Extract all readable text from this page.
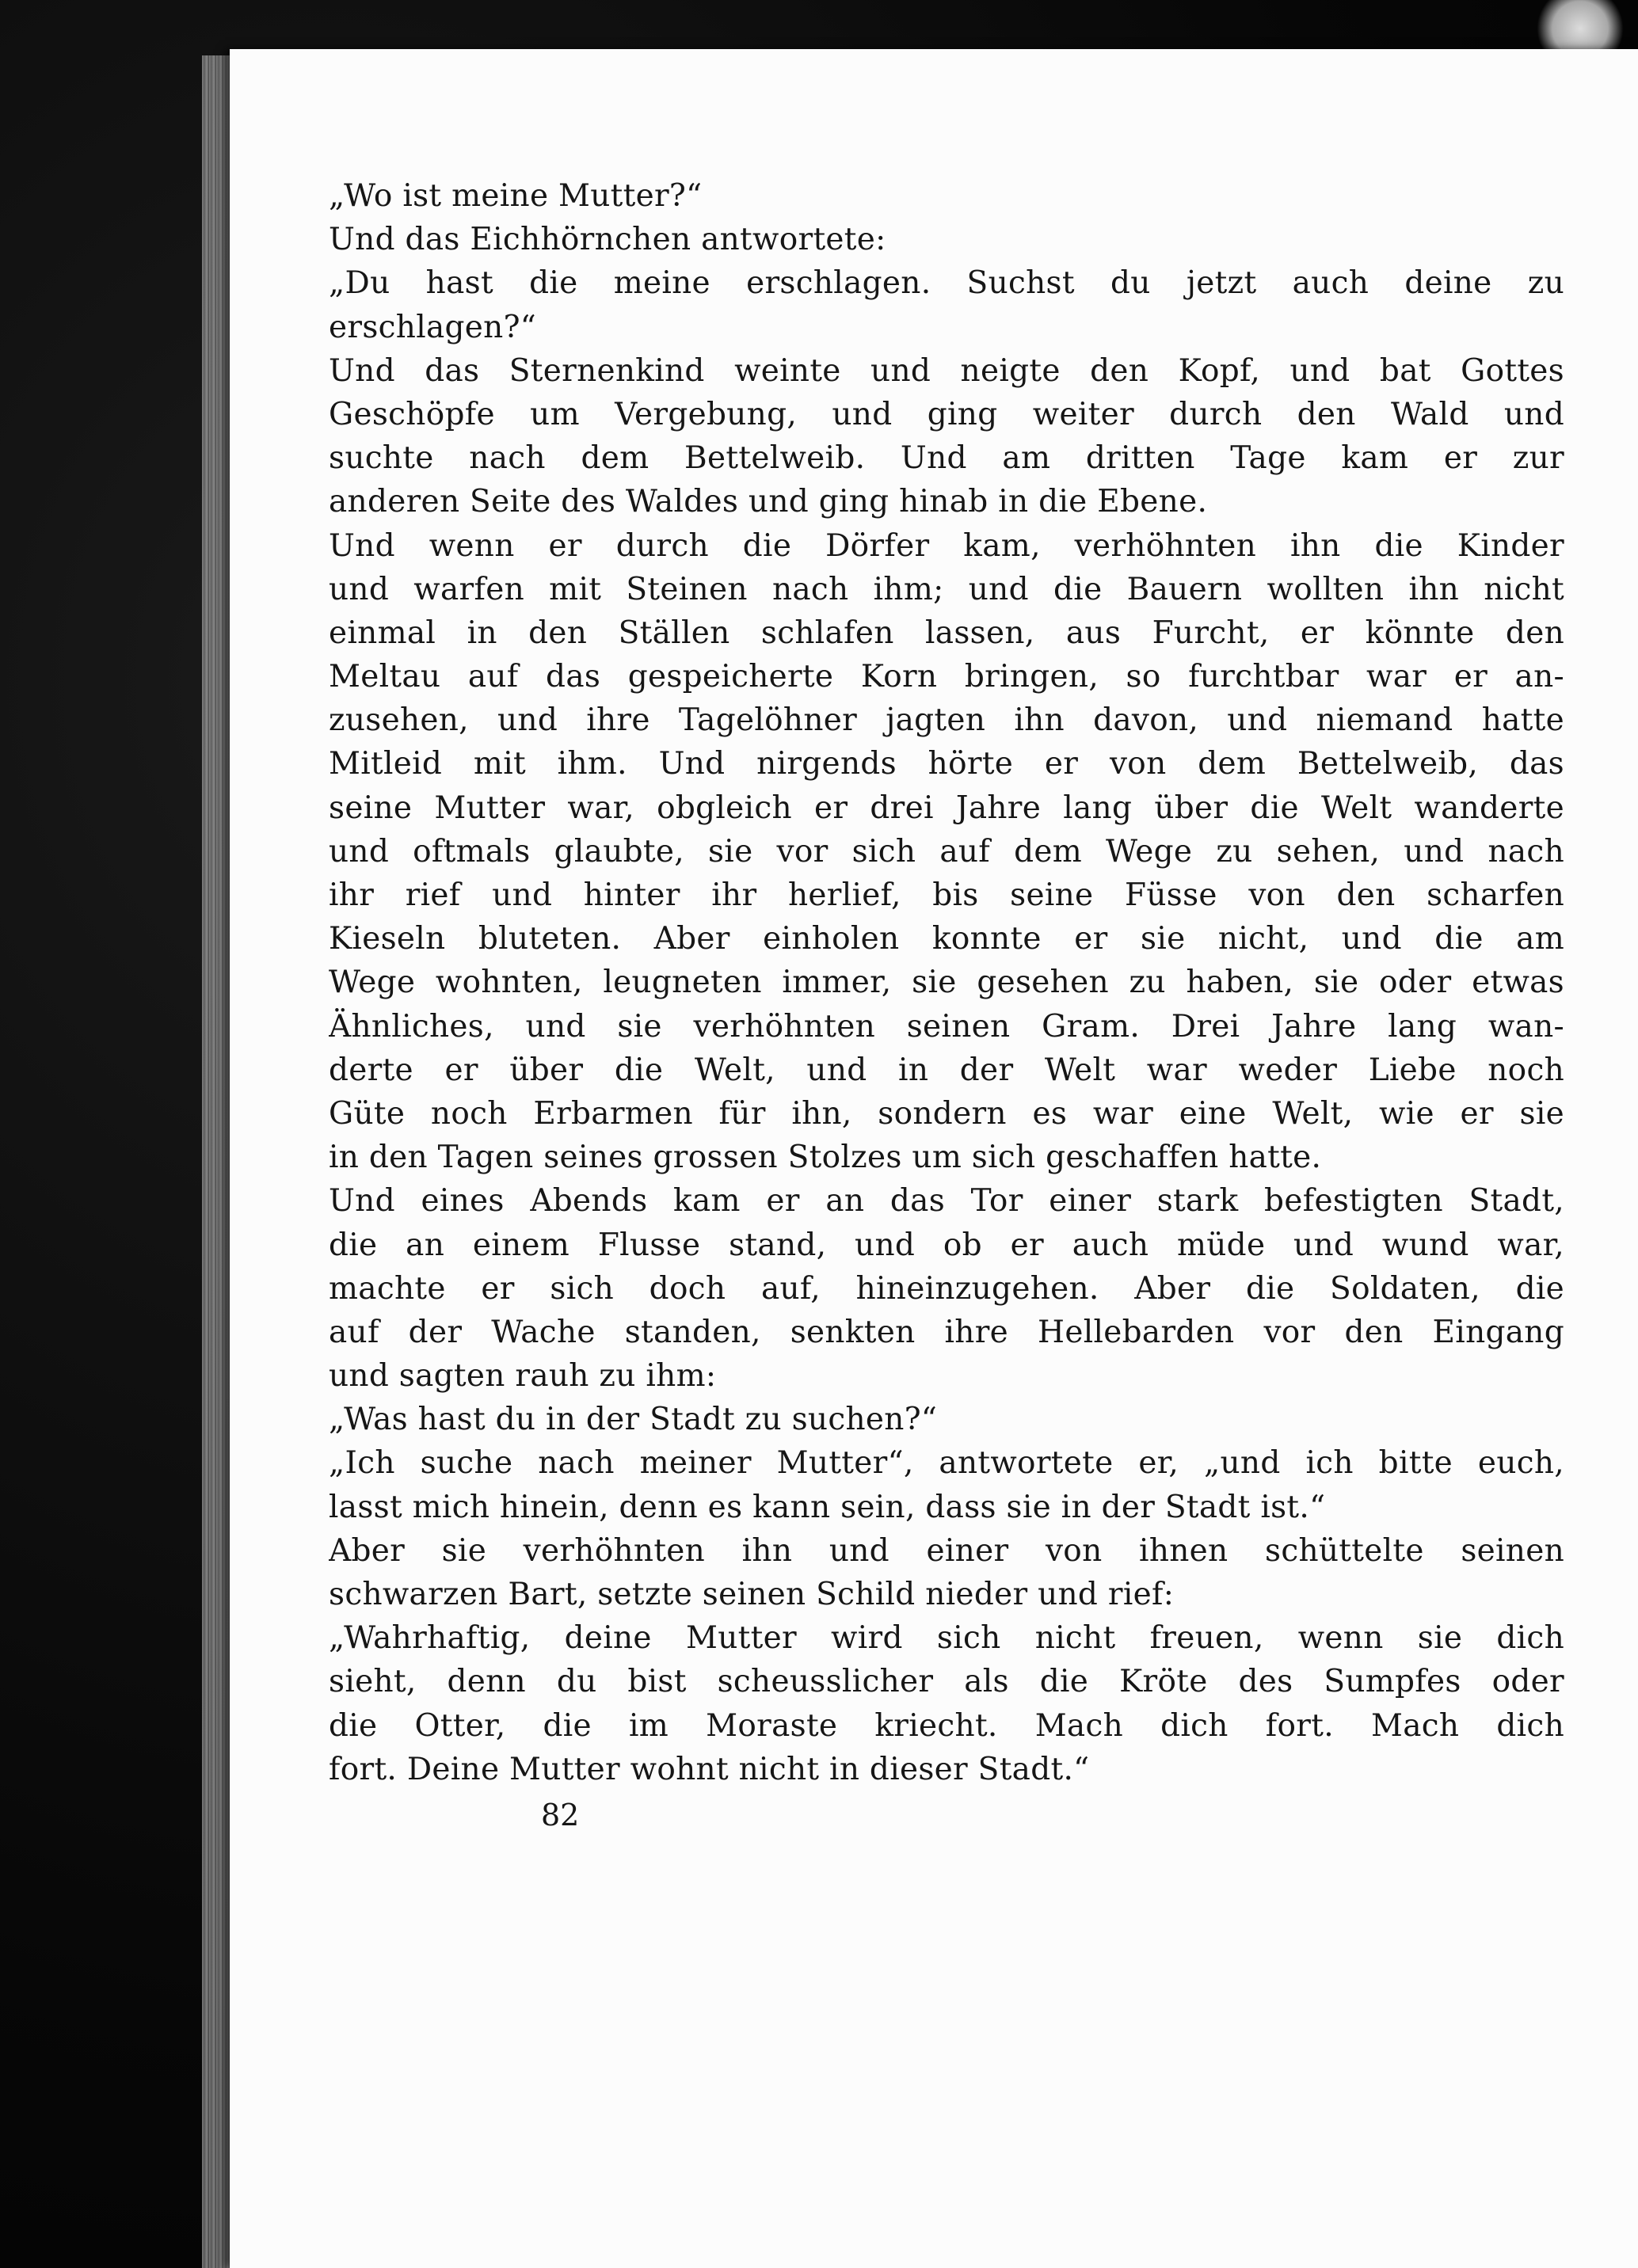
„Wo ist meine Mutter?“
Und das Eichhörnchen antwortete:
„Du hast die meine erschlagen. Suchst du jetzt auch deine zu
erschlagen?“
Und das Sternenkind weinte und neigte den Kopf, und bat Gottes
Geschöpfe um Vergebung, und ging weiter durch den Wald und
suchte nach dem Bettelweib. Und am dritten Tage kam er zur
anderen Seite des Waldes und ging hinab in die Ebene.
Und wenn er durch die Dörfer kam, verhöhnten ihn die Kinder
und warfen mit Steinen nach ihm; und die Bauern wollten ihn nicht
einmal in den Ställen schlafen lassen, aus Furcht, er könnte den
Meltau auf das gespeicherte Korn bringen, so furchtbar war er an-
zusehen, und ihre Tagelöhner jagten ihn davon, und niemand hatte
Mitleid mit ihm. Und nirgends hörte er von dem Bettelweib, das
seine Mutter war, obgleich er drei Jahre lang über die Welt wanderte
und oftmals glaubte, sie vor sich auf dem Wege zu sehen, und nach
ihr rief und hinter ihr herlief, bis seine Füsse von den scharfen
Kieseln bluteten. Aber einholen konnte er sie nicht, und die am
Wege wohnten, leugneten immer, sie gesehen zu haben, sie oder etwas
Ähnliches, und sie verhöhnten seinen Gram. Drei Jahre lang wan-
derte er über die Welt, und in der Welt war weder Liebe noch
Güte noch Erbarmen für ihn, sondern es war eine Welt, wie er sie
in den Tagen seines grossen Stolzes um sich geschaffen hatte.
Und eines Abends kam er an das Tor einer stark befestigten Stadt,
die an einem Flusse stand, und ob er auch müde und wund war,
machte er sich doch auf, hineinzugehen. Aber die Soldaten, die
auf der Wache standen, senkten ihre Hellebarden vor den Eingang
und sagten rauh zu ihm:
„Was hast du in der Stadt zu suchen?“
„Ich suche nach meiner Mutter“, antwortete er, „und ich bitte euch,
lasst mich hinein, denn es kann sein, dass sie in der Stadt ist.“
Aber sie verhöhnten ihn und einer von ihnen schüttelte seinen
schwarzen Bart, setzte seinen Schild nieder und rief:
„Wahrhaftig, deine Mutter wird sich nicht freuen, wenn sie dich
sieht, denn du bist scheusslicher als die Kröte des Sumpfes oder
die Otter, die im Moraste kriecht. Mach dich fort. Mach dich
fort. Deine Mutter wohnt nicht in dieser Stadt.“
82
